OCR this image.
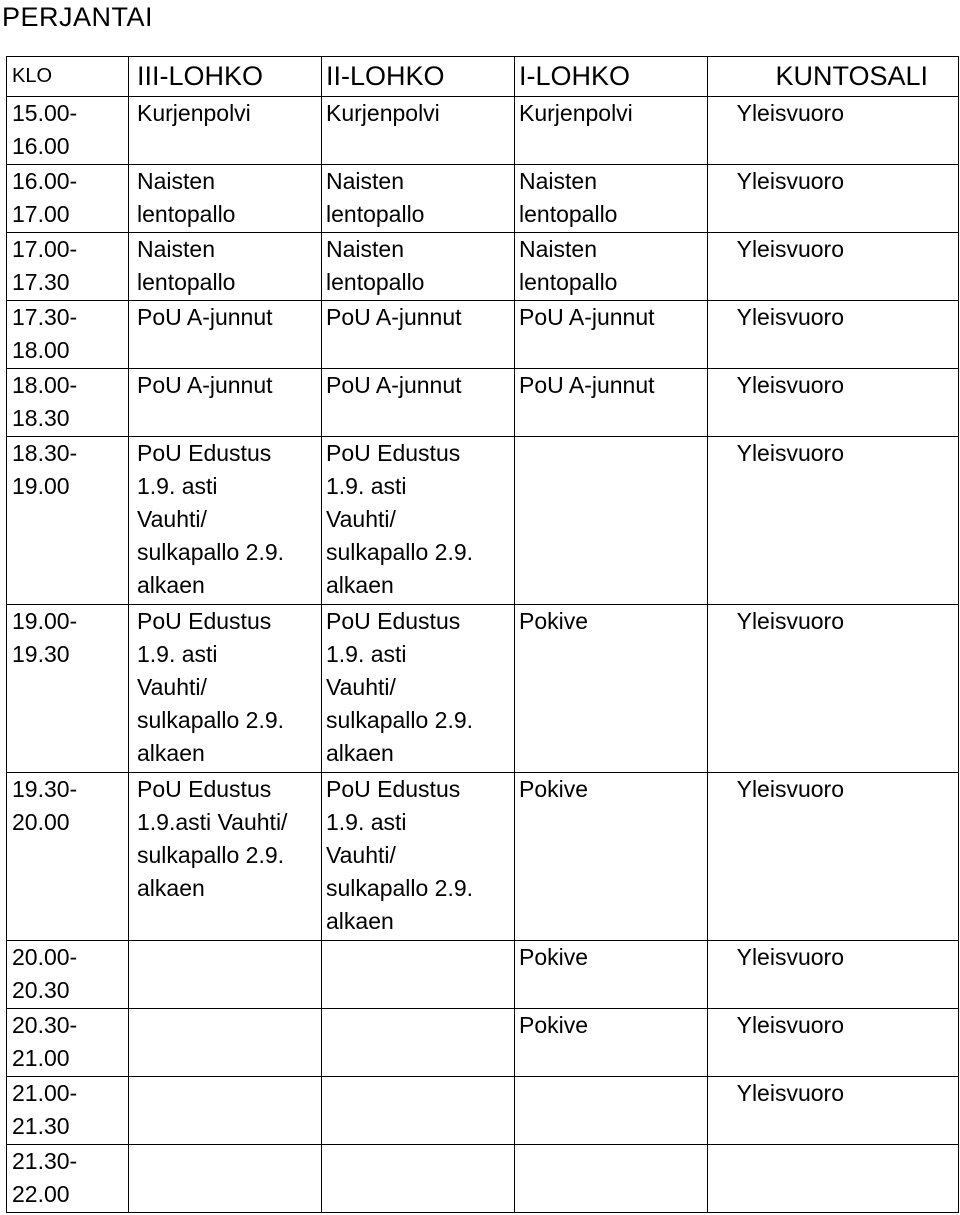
PERJANTAI
KLO	III-LOHKO	II-LOHKO	I-LOHKO	KUNTOSALI

15.00-
16.00	Kurjenpolvi	Kurjenpolvi	Kurjenpolvi	Yleisvuoro

16.00-
17.00	Naisten
lentopallo	Naisten
lentopallo	Naisten
lentopallo	Yleisvuoro

17.00-
17.30	Naisten
lentopallo	Naisten
lentopallo	Naisten
lentopallo	Yleisvuoro

17.30-
18.00	PoU A-junnut	PoU A-junnut	PoU A-junnut	Yleisvuoro

18.00-
18.30	PoU A-junnut	PoU A-junnut	PoU A-junnut	Yleisvuoro

18.30-
19.00	PoU Edustus
1.9. asti
Vauhti/
sulkapallo 2.9.
alkaen	PoU Edustus
1.9. asti
Vauhti/
sulkapallo 2.9.
alkaen		Yleisvuoro

19.00-
19.30	PoU Edustus
1.9. asti
Vauhti/
sulkapallo 2.9.
alkaen	PoU Edustus
1.9. asti
Vauhti/
sulkapallo 2.9.
alkaen	Pokive	Yleisvuoro

19.30-
20.00	PoU Edustus
1.9.asti Vauhti/
sulkapallo 2.9.
alkaen	PoU Edustus
1.9. asti
Vauhti/
sulkapallo 2.9.
alkaen	Pokive	Yleisvuoro

20.00-
20.30			Pokive	Yleisvuoro

20.30-
21.00			Pokive	Yleisvuoro

21.00-
21.30				Yleisvuoro

21.30-
22.00				
